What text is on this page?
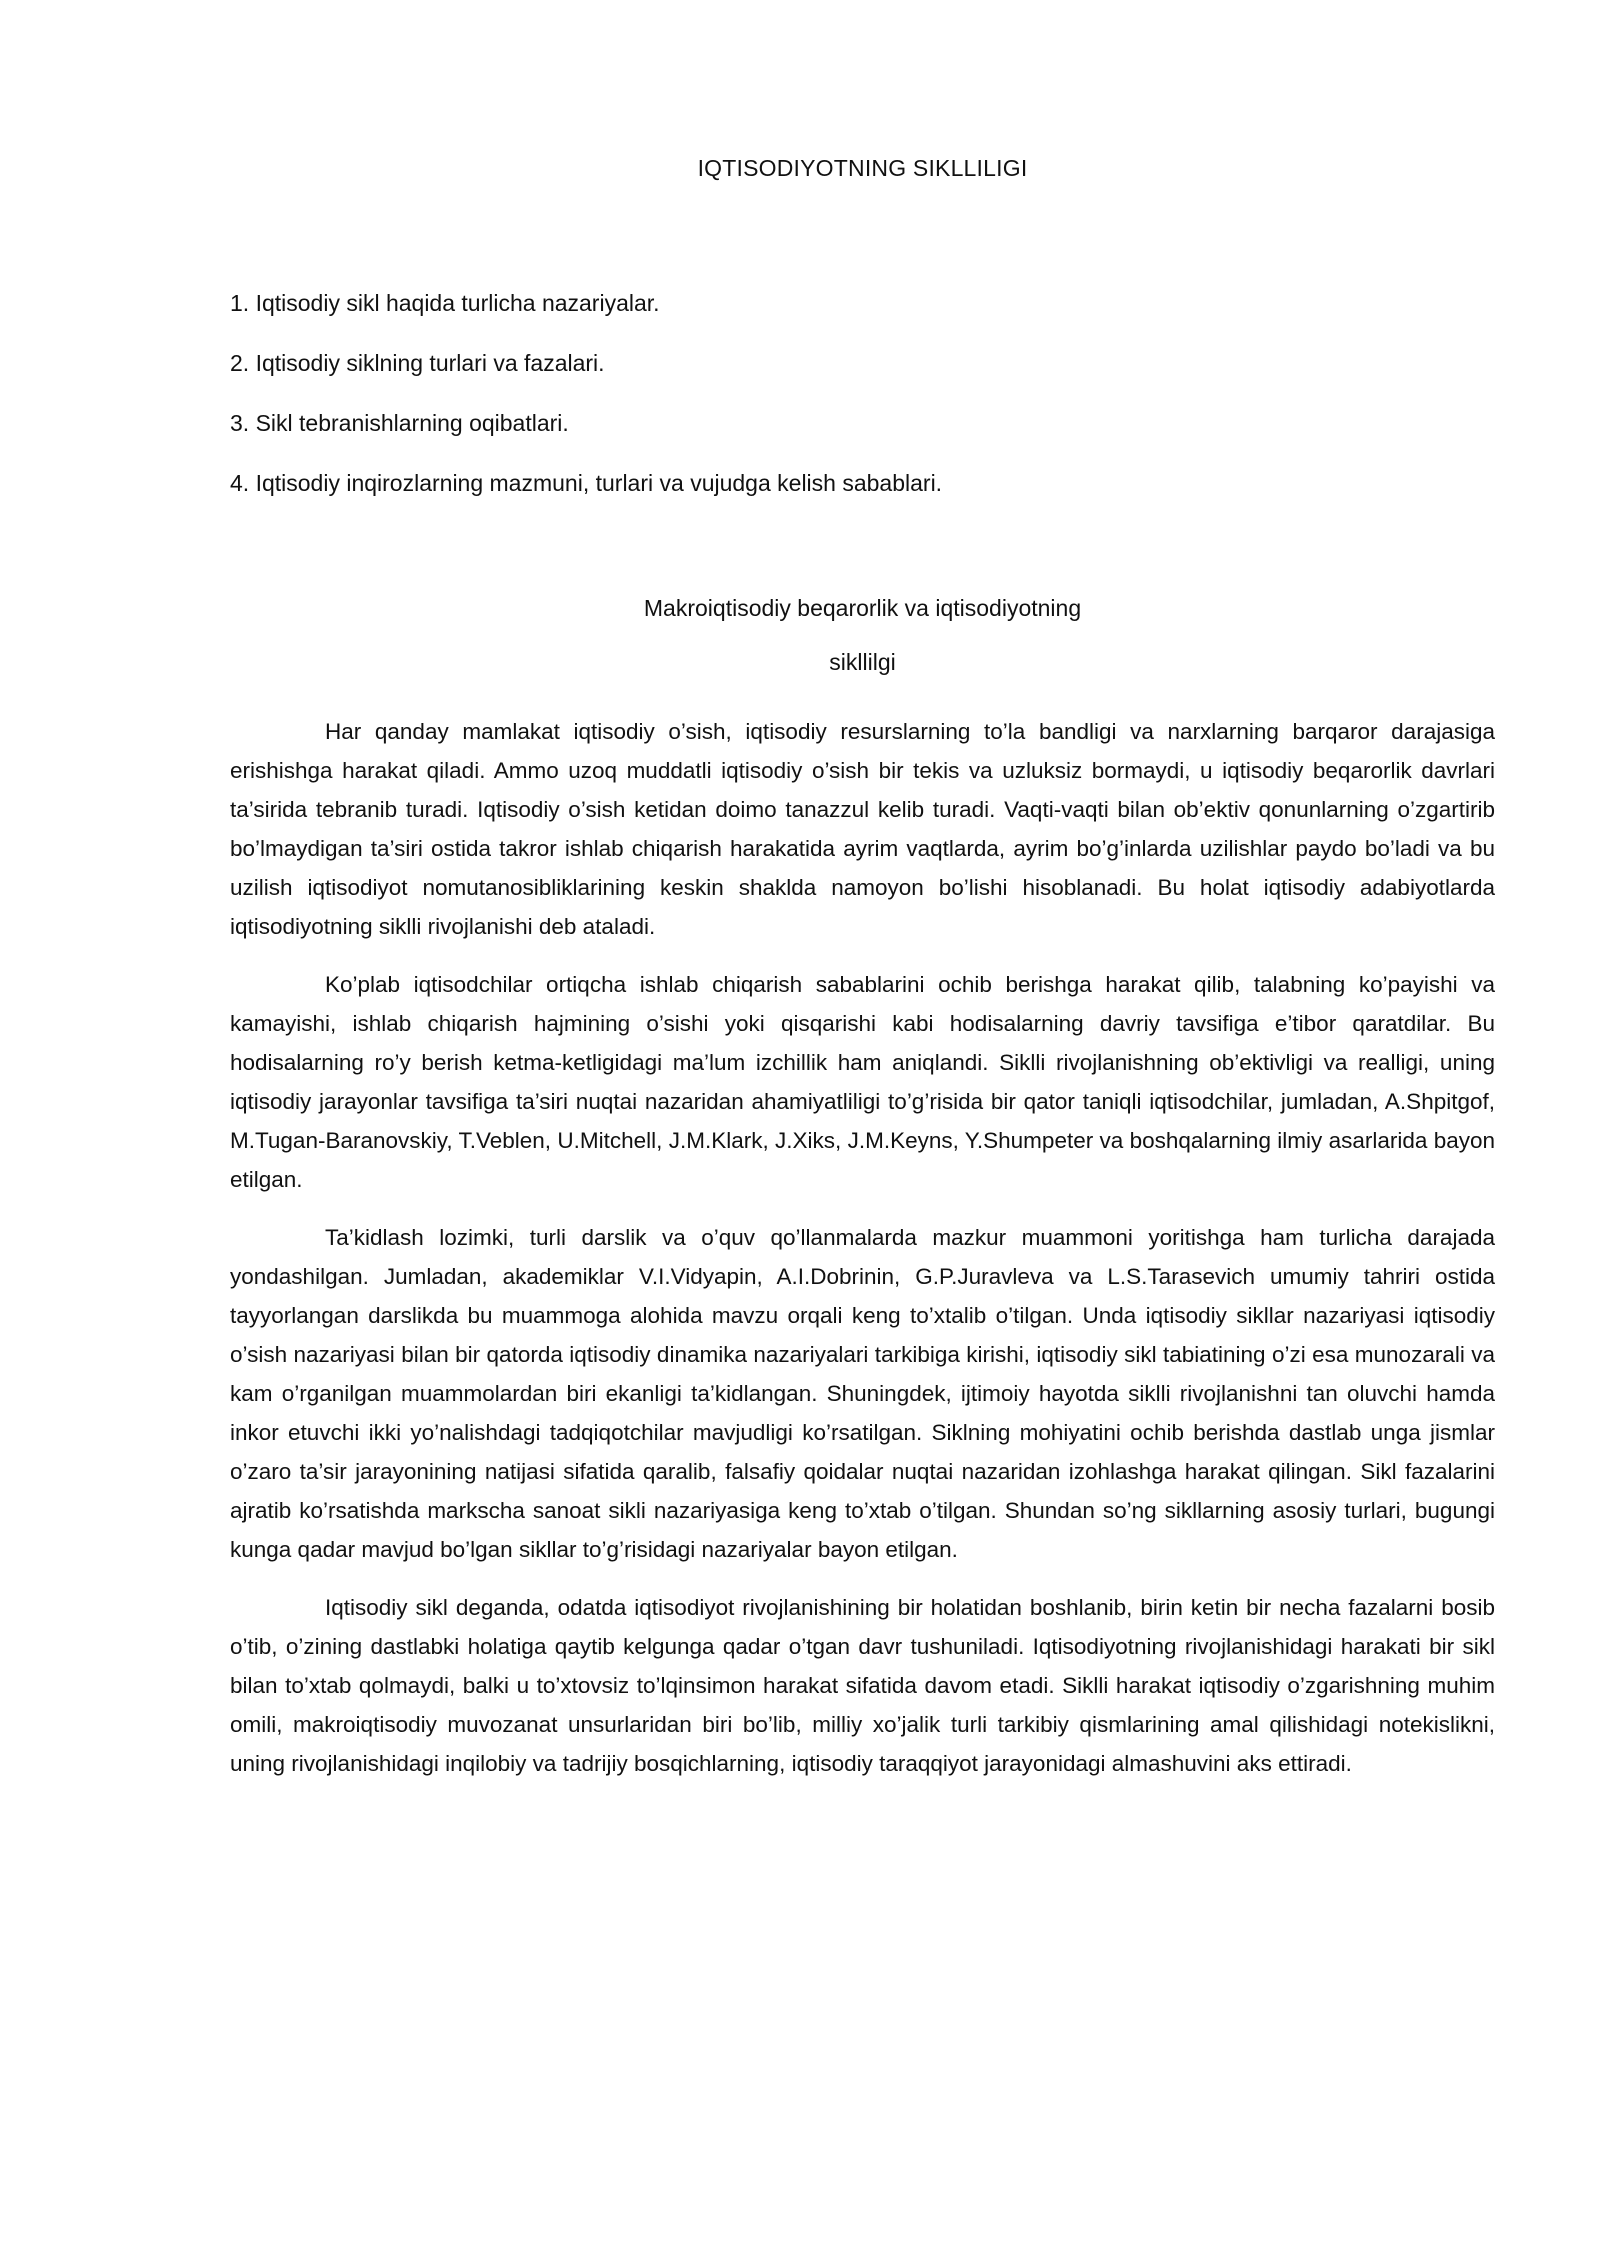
IQTISODIYOTNING SIKLLILIGI
1. Iqtisodiy sikl haqida turlicha nazariyalar.
2. Iqtisodiy siklning turlari va fazalari.
3. Sikl tebranishlarning oqibatlari.
4. Iqtisodiy inqirozlarning mazmuni, turlari va vujudga kelish sabablari.
Makroiqtisodiy beqarorlik va iqtisodiyotning
sikllilgi

Har qanday mamlakat iqtisodiy o’sish, iqtisodiy resurslarning to’la bandligi va narxlarning barqaror darajasiga erishishga harakat qiladi. Ammo uzoq muddatli iqtisodiy o’sish bir tekis va uzluksiz bormaydi, u iqtisodiy beqarorlik davrlari ta’sirida tebranib turadi. Iqtisodiy o’sish ketidan doimo tanazzul kelib turadi. Vaqti-vaqti bilan ob’ektiv qonunlarning o’zgartirib bo’lmaydigan ta’siri ostida takror ishlab chiqarish harakatida ayrim vaqtlarda, ayrim bo’g’inlarda uzilishlar paydo bo’ladi va bu uzilish iqtisodiyot nomutanosibliklarining keskin shaklda namoyon bo’lishi hisoblanadi. Bu holat iqtisodiy adabiyotlarda iqtisodiyotning siklli rivojlanishi deb ataladi.

Ko’plab iqtisodchilar ortiqcha ishlab chiqarish sabablarini ochib berishga harakat qilib, talabning ko’payishi va kamayishi, ishlab chiqarish hajmining o’sishi yoki qisqarishi kabi hodisalarning davriy tavsifiga e’tibor qaratdilar. Bu hodisalarning ro’y berish ketma-ketligidagi ma’lum izchillik ham aniqlandi. Siklli rivojlanishning ob’ektivligi va realligi, uning iqtisodiy jarayonlar tavsifiga ta’siri nuqtai nazaridan ahamiyatliligi to’g’risida bir qator taniqli iqtisodchilar, jumladan, A.Shpitgof, M.Tugan-Baranovskiy, T.Veblen, U.Mitchell, J.M.Klark, J.Xiks, J.M.Keyns, Y.Shumpeter va boshqalarning ilmiy asarlarida bayon etilgan.

Ta’kidlash lozimki, turli darslik va o’quv qo’llanmalarda mazkur muammoni yoritishga ham turlicha darajada yondashilgan. Jumladan, akademiklar V.I.Vidyapin, A.I.Dobrinin, G.P.Juravleva va L.S.Tarasevich umumiy tahriri ostida tayyorlangan darslikda bu muammoga alohida mavzu orqali keng to’xtalib o’tilgan. Unda iqtisodiy sikllar nazariyasi iqtisodiy o’sish nazariyasi bilan bir qatorda iqtisodiy dinamika nazariyalari tarkibiga kirishi, iqtisodiy sikl tabiatining o’zi esa munozarali va kam o’rganilgan muammolardan biri ekanligi ta’kidlangan. Shuningdek, ijtimoiy hayotda siklli rivojlanishni tan oluvchi hamda inkor etuvchi ikki yo’nalishdagi tadqiqotchilar mavjudligi ko’rsatilgan. Siklning mohiyatini ochib berishda dastlab unga jismlar o’zaro ta’sir jarayonining natijasi sifatida qaralib, falsafiy qoidalar nuqtai nazaridan izohlashga harakat qilingan. Sikl fazalarini ajratib ko’rsatishda markscha sanoat sikli nazariyasiga keng to’xtab o’tilgan. Shundan so’ng sikllarning asosiy turlari, bugungi kunga qadar mavjud bo’lgan sikllar to’g’risidagi nazariyalar bayon etilgan.

Iqtisodiy sikl deganda, odatda iqtisodiyot rivojlanishining bir holatidan boshlanib, birin ketin bir necha fazalarni bosib o’tib, o’zining dastlabki holatiga qaytib kelgunga qadar o’tgan davr tushuniladi. Iqtisodiyotning rivojlanishidagi harakati bir sikl bilan to’xtab qolmaydi, balki u to’xtovsiz to’lqinsimon harakat sifatida davom etadi. Siklli harakat iqtisodiy o’zgarishning muhim omili, makroiqtisodiy muvozanat unsurlaridan biri bo’lib, milliy xo’jalik turli tarkibiy qismlarining amal qilishidagi notekislikni, uning rivojlanishidagi inqilobiy va tadrijiy bosqichlarning, iqtisodiy taraqqiyot jarayonidagi almashuvini aks ettiradi.
